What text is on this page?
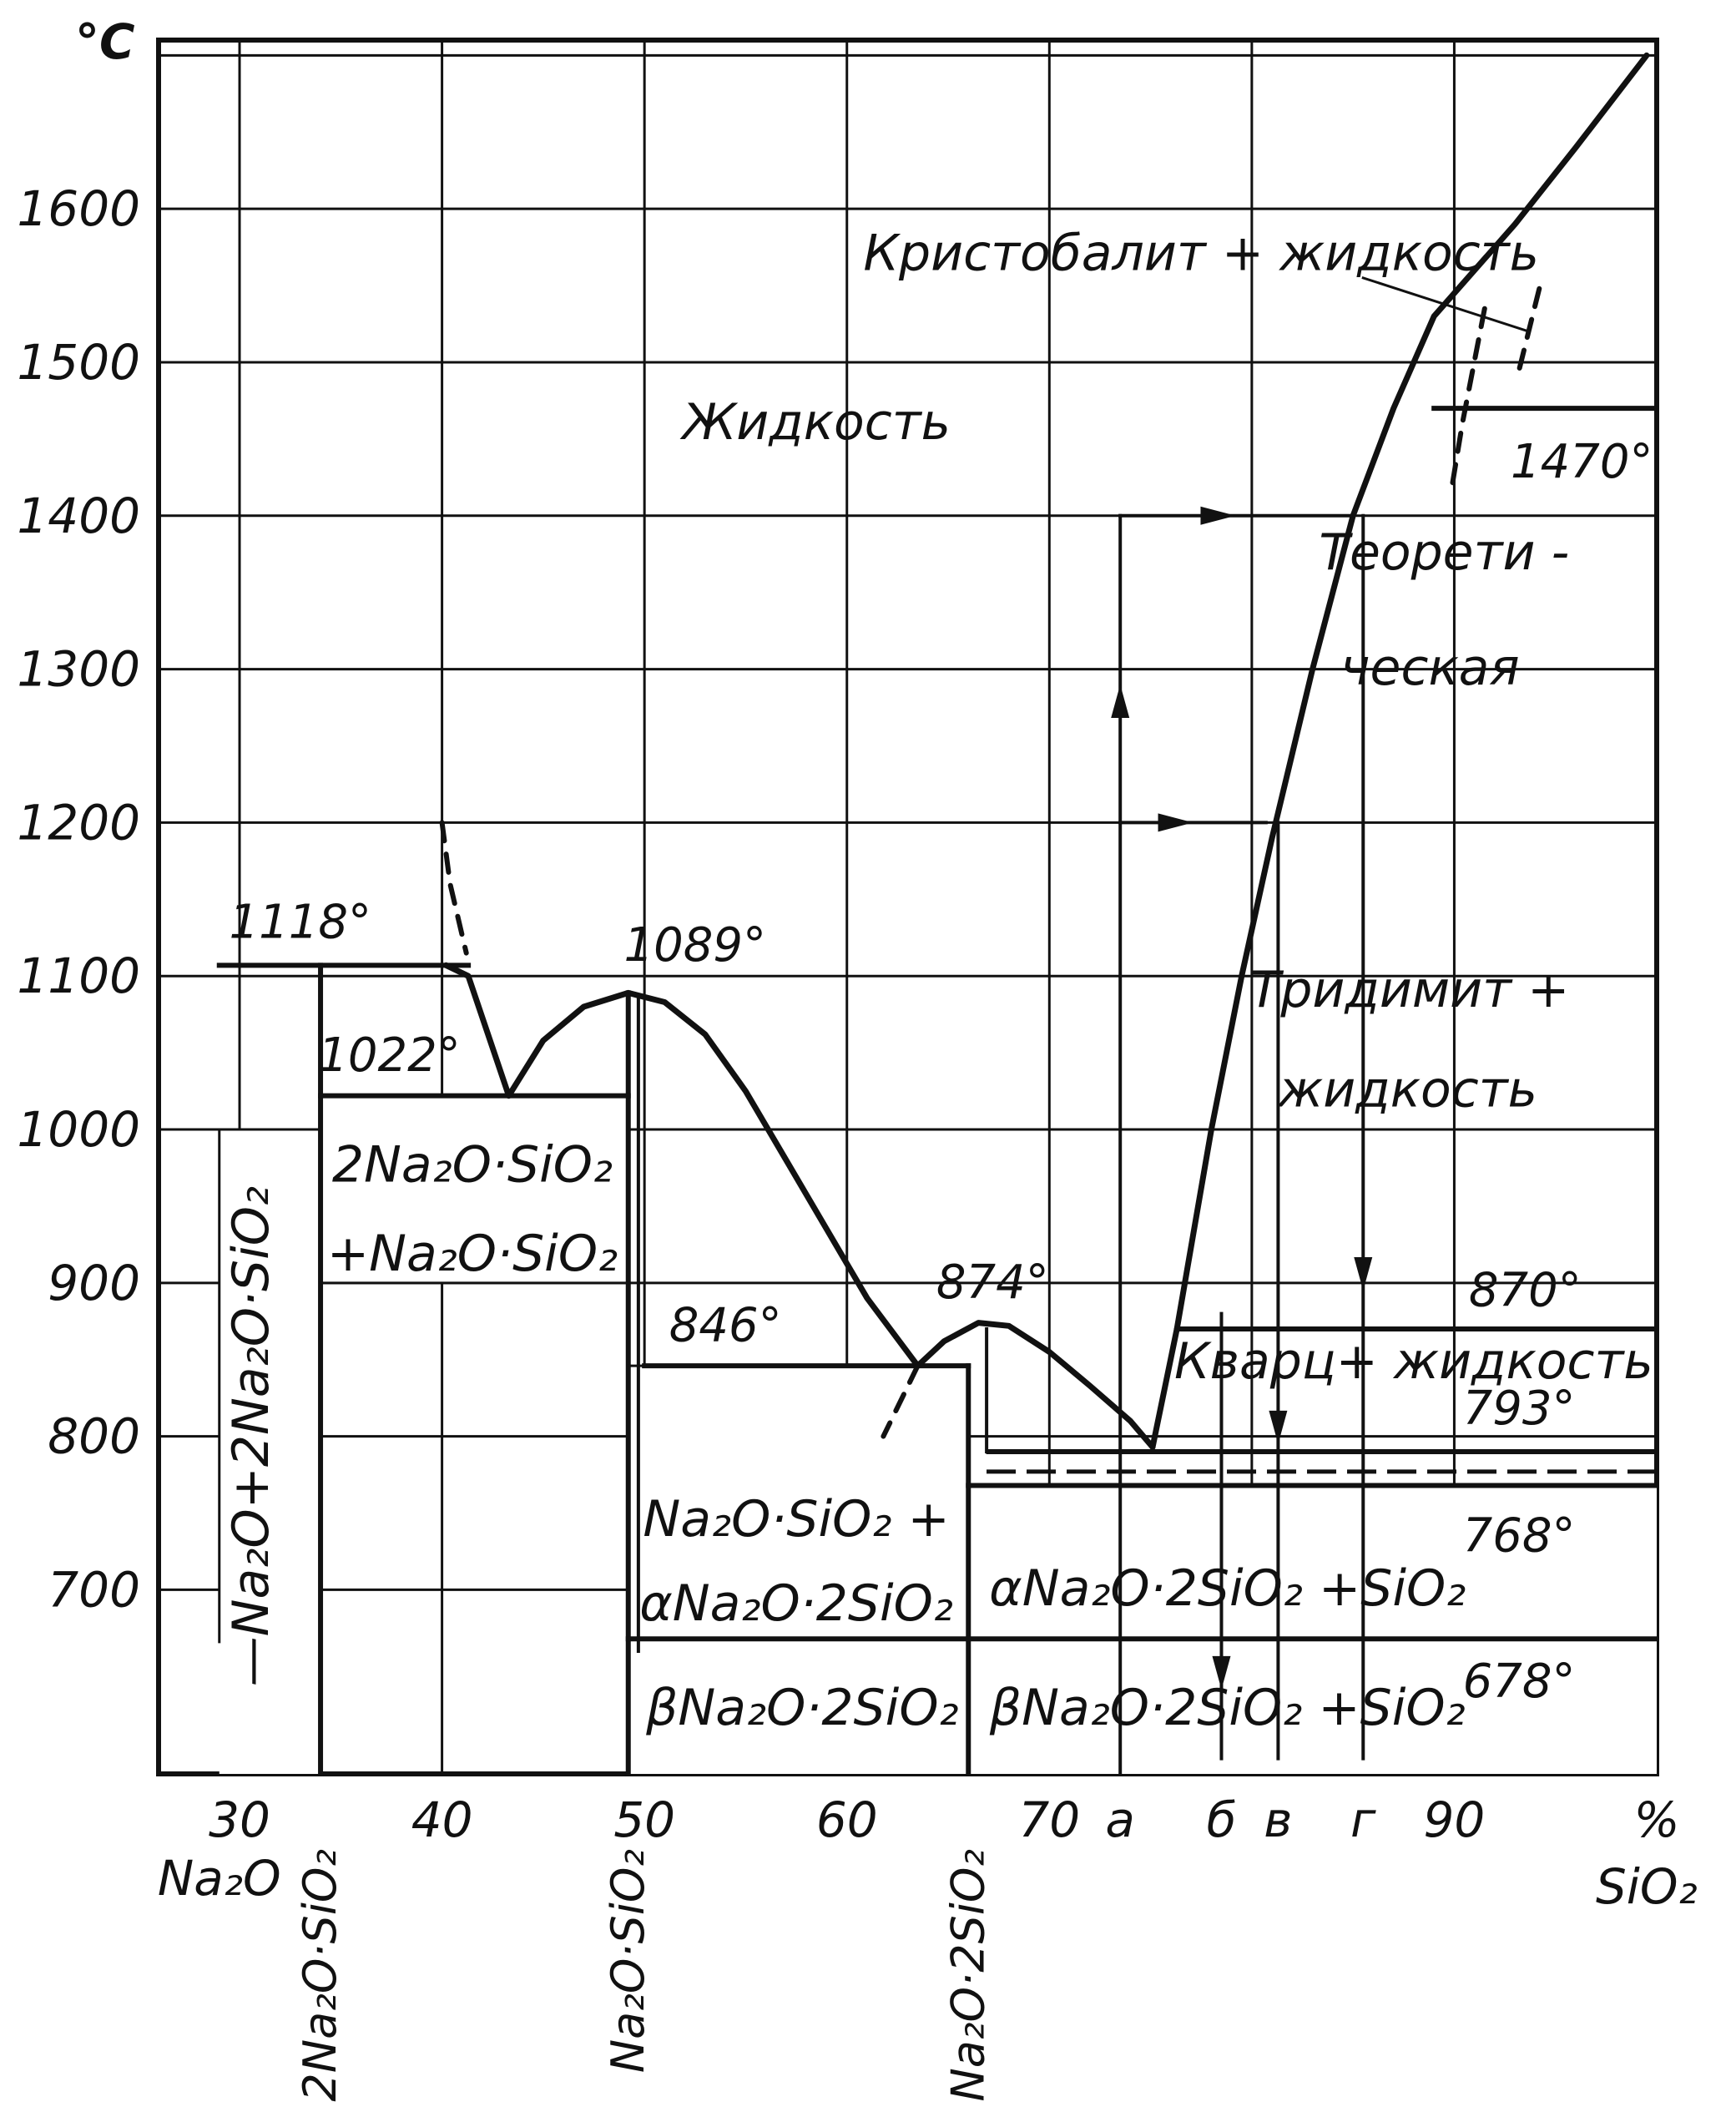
700
800
900
1000
1100
1200
1300
1400
1500
1600
30	40	50	60	70	90
а б в г	%
SiO₂
Na₂O 2Na₂O·SiO₂	Na₂O·SiO₂	Na₂O·2SiO₂
1118°
1022°
1089°
846°
874°	870°
793°
768°
678°
1470°
Жидкость
Кристобалит + жидкость
Теорети -
ческая
Тридимит +
жидкость
Кварц+ жидкость
2Na₂O·SiO₂
+Na₂O·SiO₂
Na₂O·SiO₂ +
αNa₂O·2SiO₂
βNa₂O·2SiO₂
αNa₂O·2SiO₂ +SiO₂
βNa₂O·2SiO₂ +SiO₂
—Na₂O+2Na₂O·SiO₂
°C
